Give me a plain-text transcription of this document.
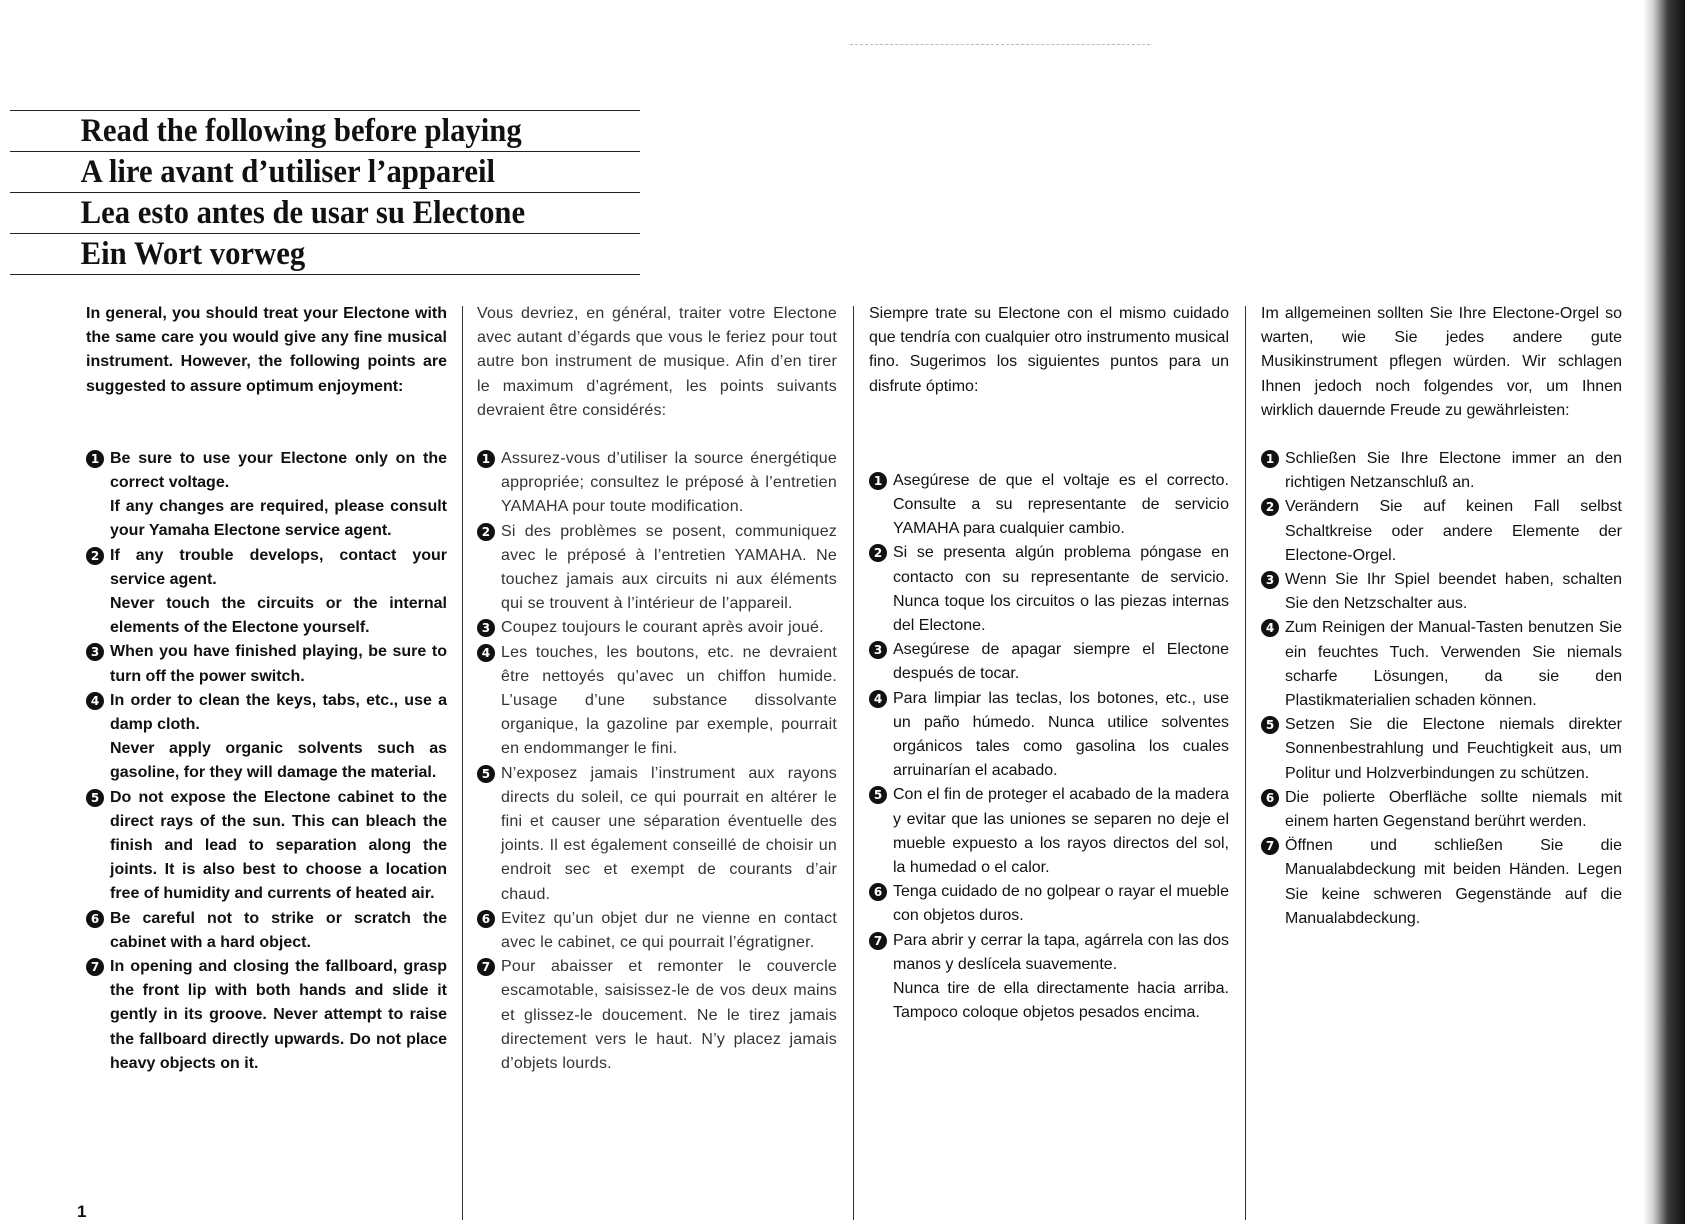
Read the following before playing
A lire avant d’utiliser l’appareil
Lea esto antes de usar su Electone
Ein Wort vorweg

In general, you should treat your Electone with the same care you would give any fine musical instrument. However, the following points are suggested to assure optimum enjoyment:

1 Be sure to use your Electone only on the correct voltage.

If any changes are required, please consult your Yamaha Electone service agent.

2 If any trouble develops, contact your service agent.

Never touch the circuits or the internal elements of the Electone yourself.

3 When you have finished playing, be sure to turn off the power switch.

4 In order to clean the keys, tabs, etc., use a damp cloth.

Never apply organic solvents such as gasoline, for they will damage the material.

5 Do not expose the Electone cabinet to the direct rays of the sun. This can bleach the finish and lead to separation along the joints. It is also best to choose a location free of humidity and currents of heated air.

6 Be careful not to strike or scratch the cabinet with a hard object.

7 In opening and closing the fallboard, grasp the front lip with both hands and slide it gently in its groove. Never attempt to raise the fallboard directly upwards. Do not place heavy objects on it.

Vous devriez, en général, traiter votre Electone avec autant d’égards que vous le feriez pour tout autre bon instrument de musique. Afin d’en tirer le maximum d’agrément, les points suivants devraient être considérés:

1 Assurez-vous d’utiliser la source énergétique appropriée; consultez le préposé à l’entretien YAMAHA pour toute modification.

2 Si des problèmes se posent, communiquez avec le préposé à l’entretien YAMAHA. Ne touchez jamais aux circuits ni aux éléments qui se trouvent à l’intérieur de l’appareil.

3 Coupez toujours le courant après avoir joué.

4 Les touches, les boutons, etc. ne devraient être nettoyés qu’avec un chiffon humide. L’usage d’une substance dissolvante organique, la gazoline par exemple, pourrait en endommanger le fini.

5 N’exposez jamais l’instrument aux rayons directs du soleil, ce qui pourrait en altérer le fini et causer une séparation éventuelle des joints. Il est également conseillé de choisir un endroit sec et exempt de courants d’air chaud.

6 Evitez qu’un objet dur ne vienne en contact avec le cabinet, ce qui pourrait l’égratigner.

7 Pour abaisser et remonter le couvercle escamotable, saisissez-le de vos deux mains et glissez-le doucement. Ne le tirez jamais directement vers le haut. N’y placez jamais d’objets lourds.

Siempre trate su Electone con el mismo cuidado que tendría con cualquier otro instrumento musical fino. Sugerimos los siguientes puntos para un disfrute óptimo:

1 Asegúrese de que el voltaje es el correcto. Consulte a su representante de servicio YAMAHA para cualquier cambio.

2 Si se presenta algún problema póngase en contacto con su representante de servicio. Nunca toque los circuitos o las piezas internas del Electone.

3 Asegúrese de apagar siempre el Electone después de tocar.

4 Para limpiar las teclas, los botones, etc., use un paño húmedo. Nunca utilice solventes orgánicos tales como gasolina los cuales arruinarían el acabado.

5 Con el fin de proteger el acabado de la madera y evitar que las uniones se separen no deje el mueble expuesto a los rayos directos del sol, la humedad o el calor.

6 Tenga cuidado de no golpear o rayar el mueble con objetos duros.

7 Para abrir y cerrar la tapa, agárrela con las dos manos y deslícela suavemente.

Nunca tire de ella directamente hacia arriba. Tampoco coloque objetos pesados encima.

Im allgemeinen sollten Sie Ihre Electone-Orgel so warten, wie Sie jedes andere gute Musikinstrument pflegen würden. Wir schlagen Ihnen jedoch noch folgendes vor, um Ihnen wirklich dauernde Freude zu gewährleisten:

1 Schließen Sie Ihre Electone immer an den richtigen Netzanschluß an.

2 Verändern Sie auf keinen Fall selbst Schaltkreise oder andere Elemente der Electone-Orgel.

3 Wenn Sie Ihr Spiel beendet haben, schalten Sie den Netzschalter aus.

4 Zum Reinigen der Manual-Tasten benutzen Sie ein feuchtes Tuch. Verwenden Sie niemals scharfe Lösungen, da sie den Plastikmaterialien schaden können.

5 Setzen Sie die Electone niemals direkter Sonnenbestrahlung und Feuchtigkeit aus, um Politur und Holzverbindungen zu schützen.

6 Die polierte Oberfläche sollte niemals mit einem harten Gegenstand berührt werden.

7 Öffnen und schließen Sie die Manualabdeckung mit beiden Händen. Legen Sie keine schweren Gegenstände auf die Manualabdeckung.

1
